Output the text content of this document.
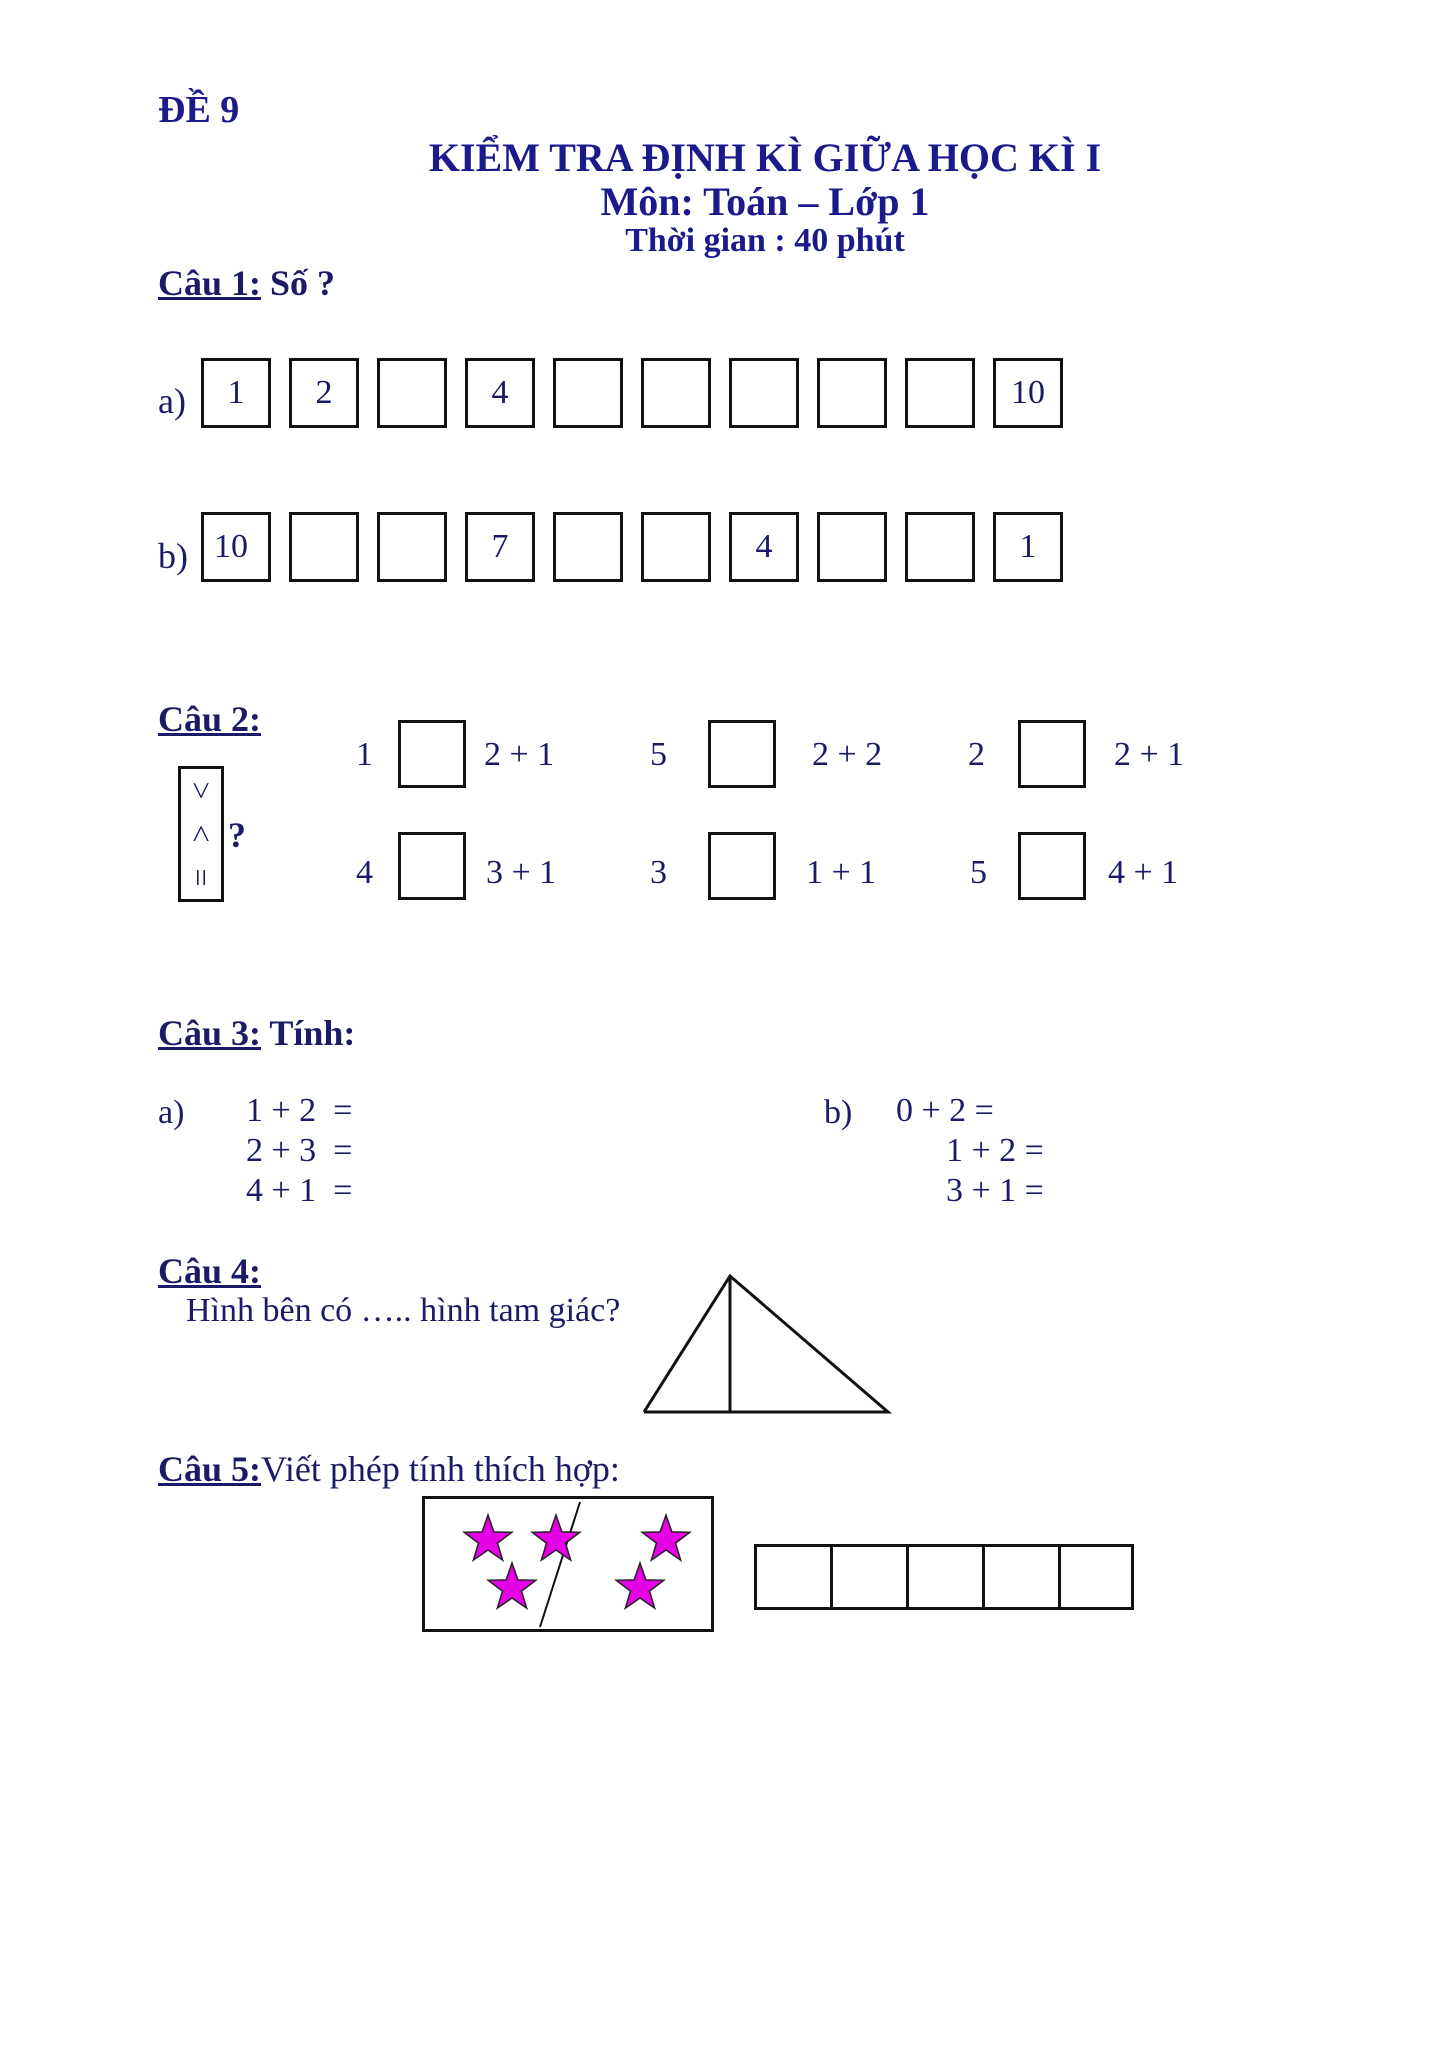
ĐỀ 9
KIỂM TRA ĐỊNH KÌ GIỮA HỌC KÌ I
Môn: Toán – Lớp 1
Thời gian : 40 phút
Câu 1: Số ?
a)	1	2	4	10
b) 10	7	4	1
Câu 2:
>
<
=
?
1	2 + 1	5	2 + 2	2	2 + 1
4	3 + 1	3	1 + 1	5	4 + 1
Câu 3: Tính:
a) 1 + 2  =
2 + 3  =
4 + 1  =
b) 0 + 2 =
1 + 2 =
3 + 1 =
Câu 4:
Hình bên có ….. hình tam giác?
Câu 5:Viết phép tính thích hợp:
